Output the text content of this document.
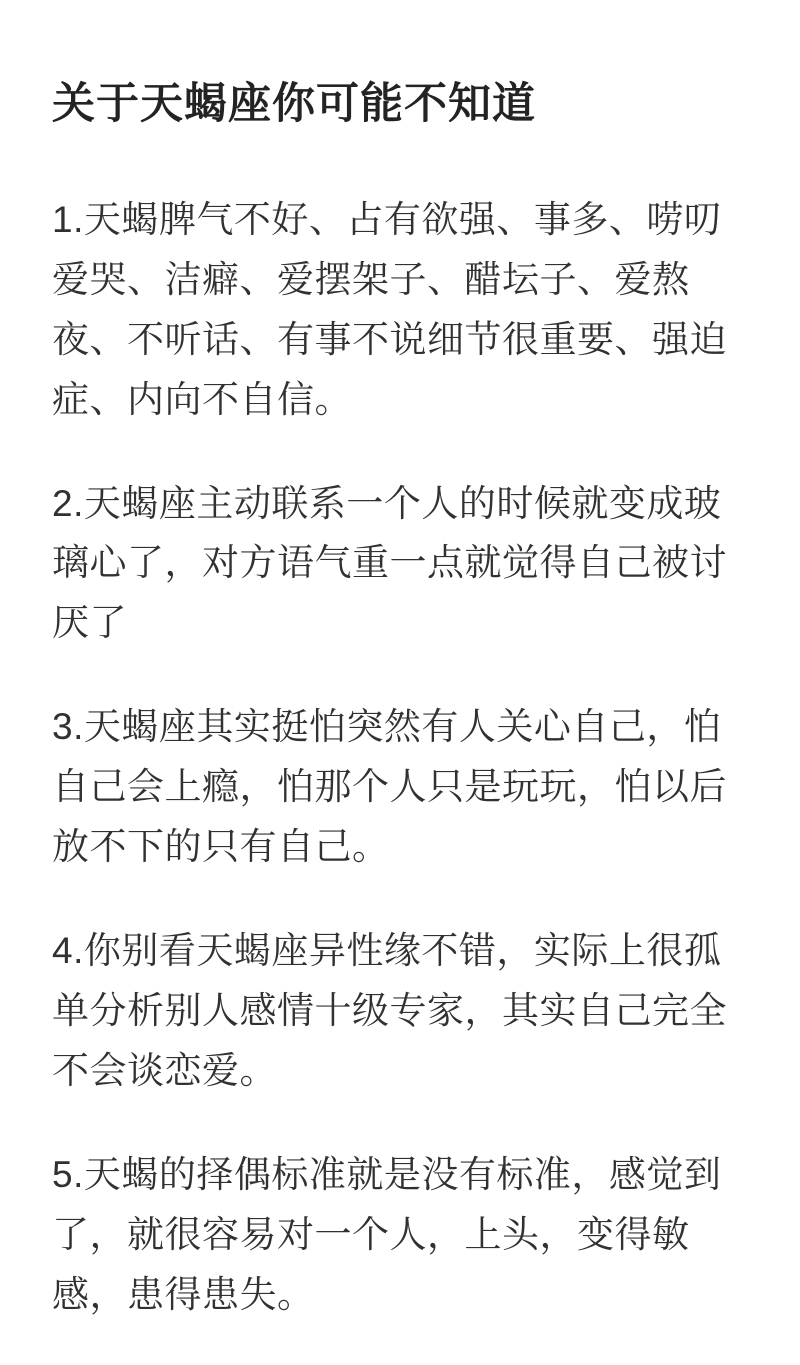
关于天蝎座你可能不知道

1.天蝎脾气不好、占有欲强、事多、唠叨 爱哭、洁癖、爱摆架子、醋坛子、爱熬夜、不听话、有事不说细节很重要、强迫症、内向不自信。

2.天蝎座主动联系一个人的时候就变成玻璃心了，对方语气重一点就觉得自己被讨厌了

3.天蝎座其实挺怕突然有人关心自己，怕自己会上瘾，怕那个人只是玩玩，怕以后放不下的只有自己。

4.你别看天蝎座异性缘不错，实际上很孤单分析别人感情十级专家，其实自己完全不会谈恋爱。

5.天蝎的择偶标准就是没有标准，感觉到了，就很容易对一个人，上头，变得敏感，患得患失。
